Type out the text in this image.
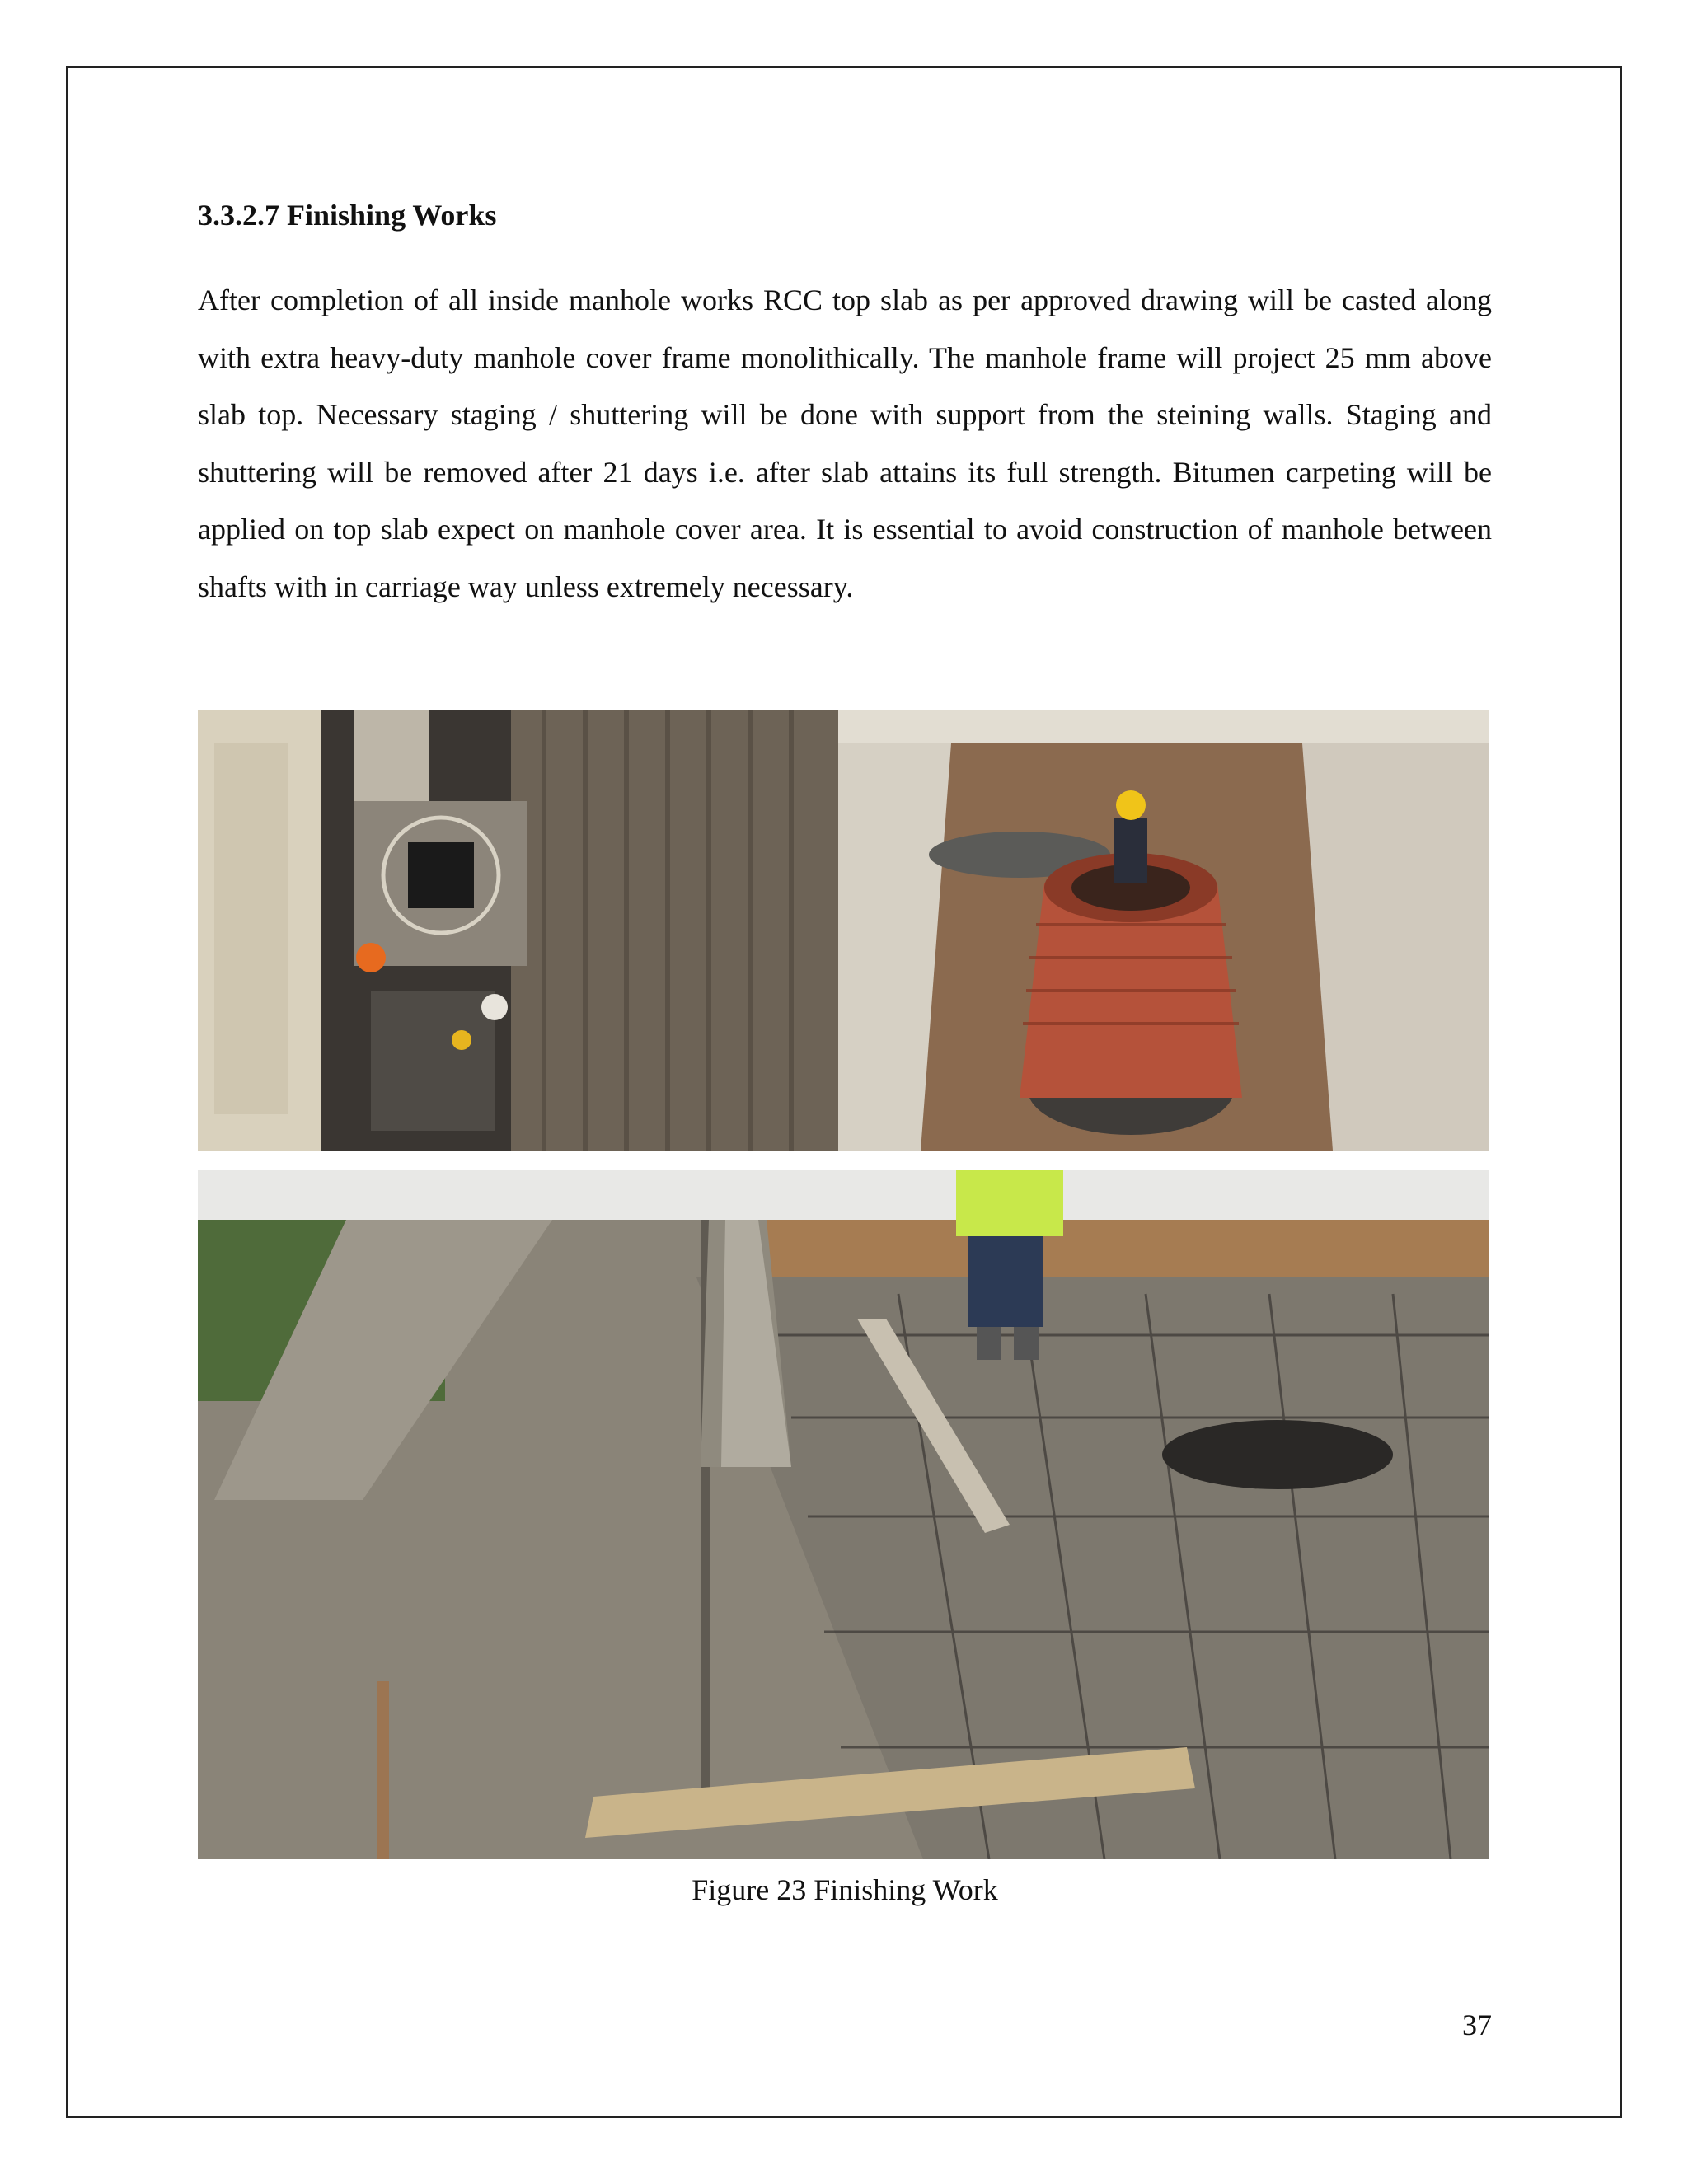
3.3.2.7 Finishing Works
After completion of all inside manhole works RCC top slab as per approved drawing will be casted along with extra heavy-duty manhole cover frame monolithically. The manhole frame will project 25 mm above slab top. Necessary staging / shuttering will be done with support from the steining walls. Staging and shuttering will be removed after 21 days i.e. after slab attains its full strength. Bitumen carpeting will be applied on top slab expect on manhole cover area. It is essential to avoid construction of manhole between shafts with in carriage way unless extremely necessary.
Figure 23 Finishing Work
37
